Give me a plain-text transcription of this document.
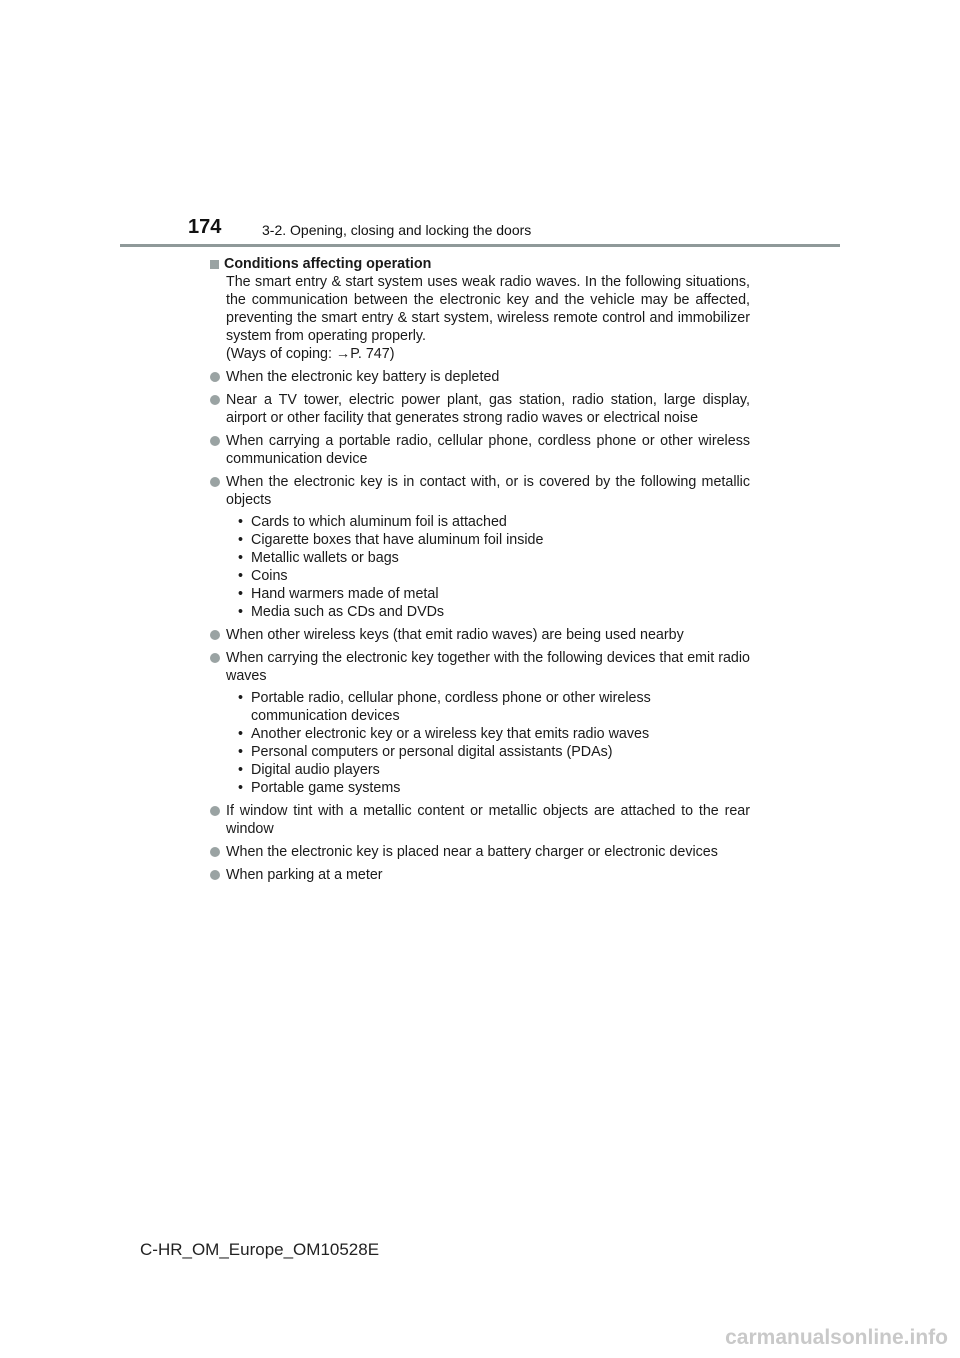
174	3-2. Opening, closing and locking the doors
Conditions affecting operation

The smart entry & start system uses weak radio waves. In the following situations, the communication between the electronic key and the vehicle may be affected, preventing the smart entry & start system, wireless remote control and immobilizer system from operating properly.

(Ways of coping: →P. 747)

When the electronic key battery is depleted
Near a TV tower, electric power plant, gas station, radio station, large display, airport or other facility that generates strong radio waves or electrical noise
When carrying a portable radio, cellular phone, cordless phone or other wireless communication device
When the electronic key is in contact with, or is covered by the following metallic objects
• Cards to which aluminum foil is attached
• Cigarette boxes that have aluminum foil inside
• Metallic wallets or bags
• Coins
• Hand warmers made of metal
• Media such as CDs and DVDs
When other wireless keys (that emit radio waves) are being used nearby
When carrying the electronic key together with the following devices that emit radio waves
• Portable radio, cellular phone, cordless phone or other wireless communication devices
• Another electronic key or a wireless key that emits radio waves
• Personal computers or personal digital assistants (PDAs)
• Digital audio players
• Portable game systems
If window tint with a metallic content or metallic objects are attached to the rear window
When the electronic key is placed near a battery charger or electronic devices
When parking at a meter
C-HR_OM_Europe_OM10528E
carmanualsonline.info
